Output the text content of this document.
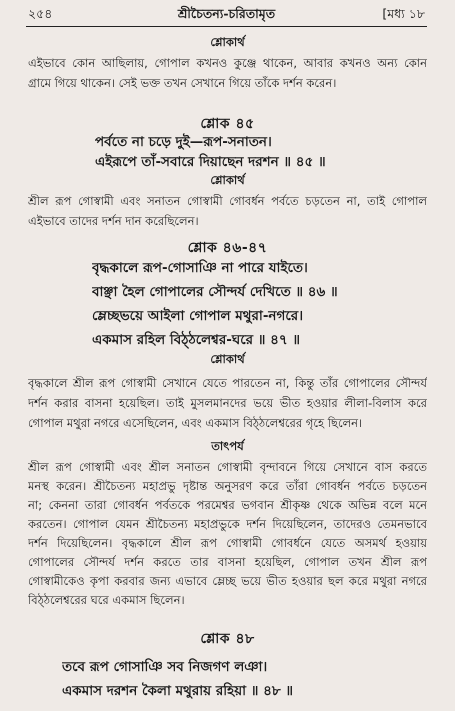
২৫৪	শ্রীচৈতন্য-চরিতামৃত	[মধ্য ১৮
শ্লোকার্থ
এইভাবে কোন আছিলায়, গোপাল কখনও কুঞ্জে থাকেন, আবার কখনও অন্য কোন
গ্রামে গিয়ে থাকেন। সেই ভক্ত তখন সেখানে গিয়ে তাঁকে দর্শন করেন।
শ্লোক ৪৫
পর্বতে না চড়ে দুই—রূপ-সনাতন।
এইরূপে তাঁ-সবারে দিয়াছেন দরশন ॥ ৪৫ ॥
শ্লোকার্থ
শ্রীল রূপ গোস্বামী এবং সনাতন গোস্বামী গোবর্ধন পর্বতে চড়তেন না, তাই গোপাল
এইভাবে তাদের দর্শন দান করেছিলেন।
শ্লোক ৪৬-৪৭
বৃদ্ধকালে রূপ-গোসাঞি না পারে যাইতে।
বাঞ্ছা হৈল গোপালের সৌন্দর্য দেখিতে ॥ ৪৬ ॥
ম্লেচ্ছভয়ে আইলা গোপাল মথুরা-নগরে।
একমাস রহিল বিঠ্‌ঠলেশ্বর-ঘরে ॥ ৪৭ ॥
শ্লোকার্থ
বৃদ্ধকালে শ্রীল রূপ গোস্বামী সেখানে যেতে পারতেন না, কিন্তু তাঁর গোপালের সৌন্দর্য
দর্শন করার বাসনা হয়েছিল। তাই মুসলমানদের ভয়ে ভীত হওয়ার লীলা-বিলাস করে
গোপাল মথুরা নগরে এসেছিলেন, এবং একমাস বিঠ্‌ঠলেশ্বরের গৃহে ছিলেন।
তাৎপর্য
শ্রীল রূপ গোস্বামী এবং শ্রীল সনাতন গোস্বামী বৃন্দাবনে গিয়ে সেখানে বাস করতে
মনস্থ করেন। শ্রীচৈতন্য মহাপ্রভু দৃষ্টান্ত অনুসরণ করে তাঁরা গোবর্ধন পর্বতে চড়তেন
না; কেননা তারা গোবর্ধন পর্বতকে পরমেশ্বর ভগবান শ্রীকৃষ্ণ থেকে অভিন্ন বলে মনে
করতেন। গোপাল যেমন শ্রীচৈতন্য মহাপ্রভুকে দর্শন দিয়েছিলেন, তাদেরও তেমনভাবে
দর্শন দিয়েছিলেন। বৃদ্ধকালে শ্রীল রূপ গোস্বামী গোবর্ধনে যেতে অসমর্থ হওয়ায়
গোপালের সৌন্দর্য দর্শন করতে তার বাসনা হয়েছিল, গোপাল তখন শ্রীল রূপ
গোস্বামীকেও কৃপা করবার জন্য এভাবে ম্লেচ্ছ ভয়ে ভীত হওয়ার ছল করে মথুরা নগরে
বিঠ্‌ঠলেশ্বরের ঘরে একমাস ছিলেন।
শ্লোক ৪৮
তবে রূপ গোসাঞি সব নিজগণ লঞা।
একমাস দরশন কৈলা মথুরায় রহিয়া ॥ ৪৮ ॥
